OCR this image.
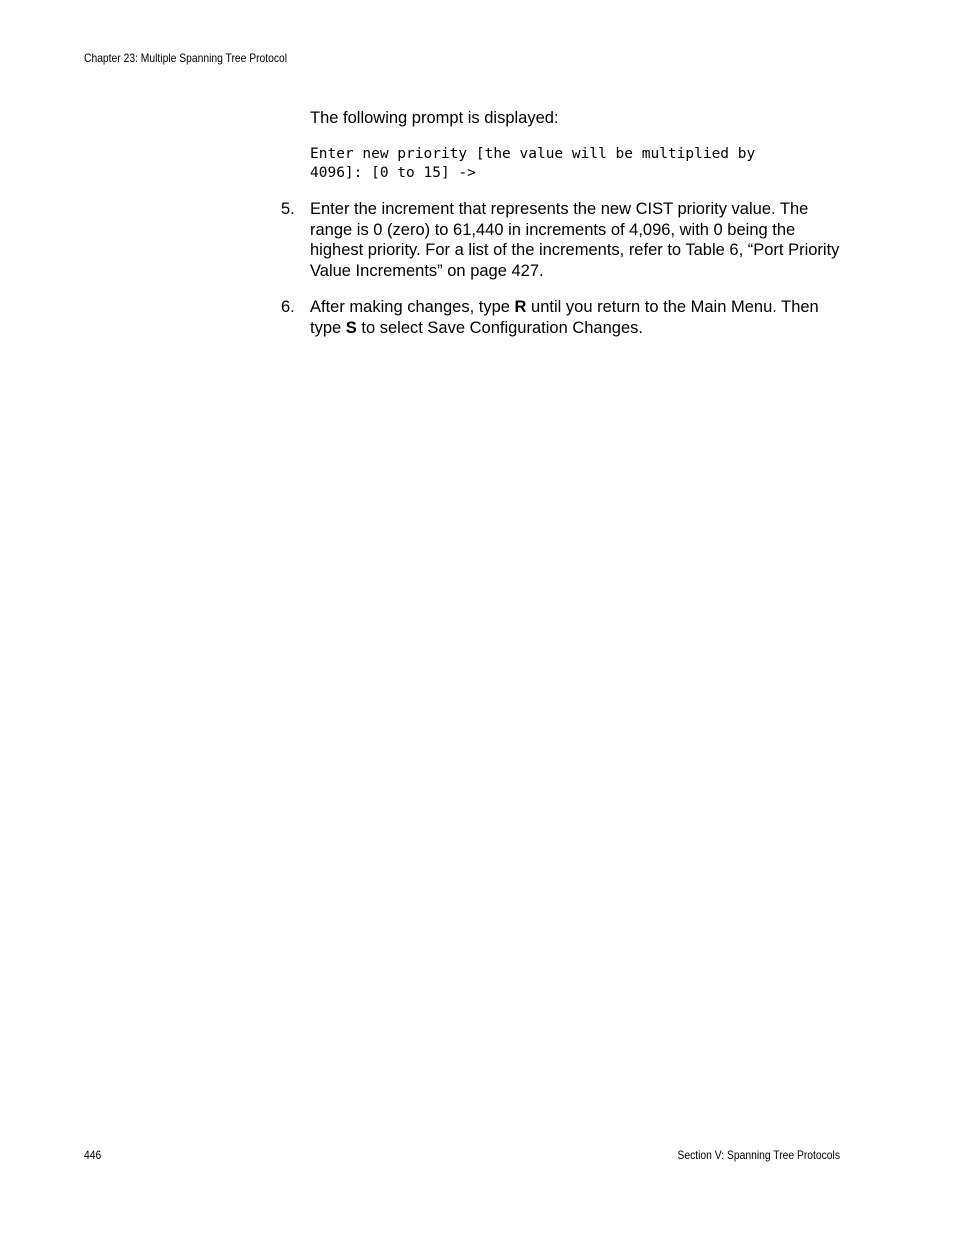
Chapter 23: Multiple Spanning Tree Protocol
The following prompt is displayed:
Enter new priority [the value will be multiplied by
4096]: [0 to 15] ->
5. Enter the increment that represents the new CIST priority value. The range is 0 (zero) to 61,440 in increments of 4,096, with 0 being the highest priority. For a list of the increments, refer to Table 6, “Port Priority Value Increments” on page 427.
6. After making changes, type R until you return to the Main Menu. Then type S to select Save Configuration Changes.
446	Section V: Spanning Tree Protocols
